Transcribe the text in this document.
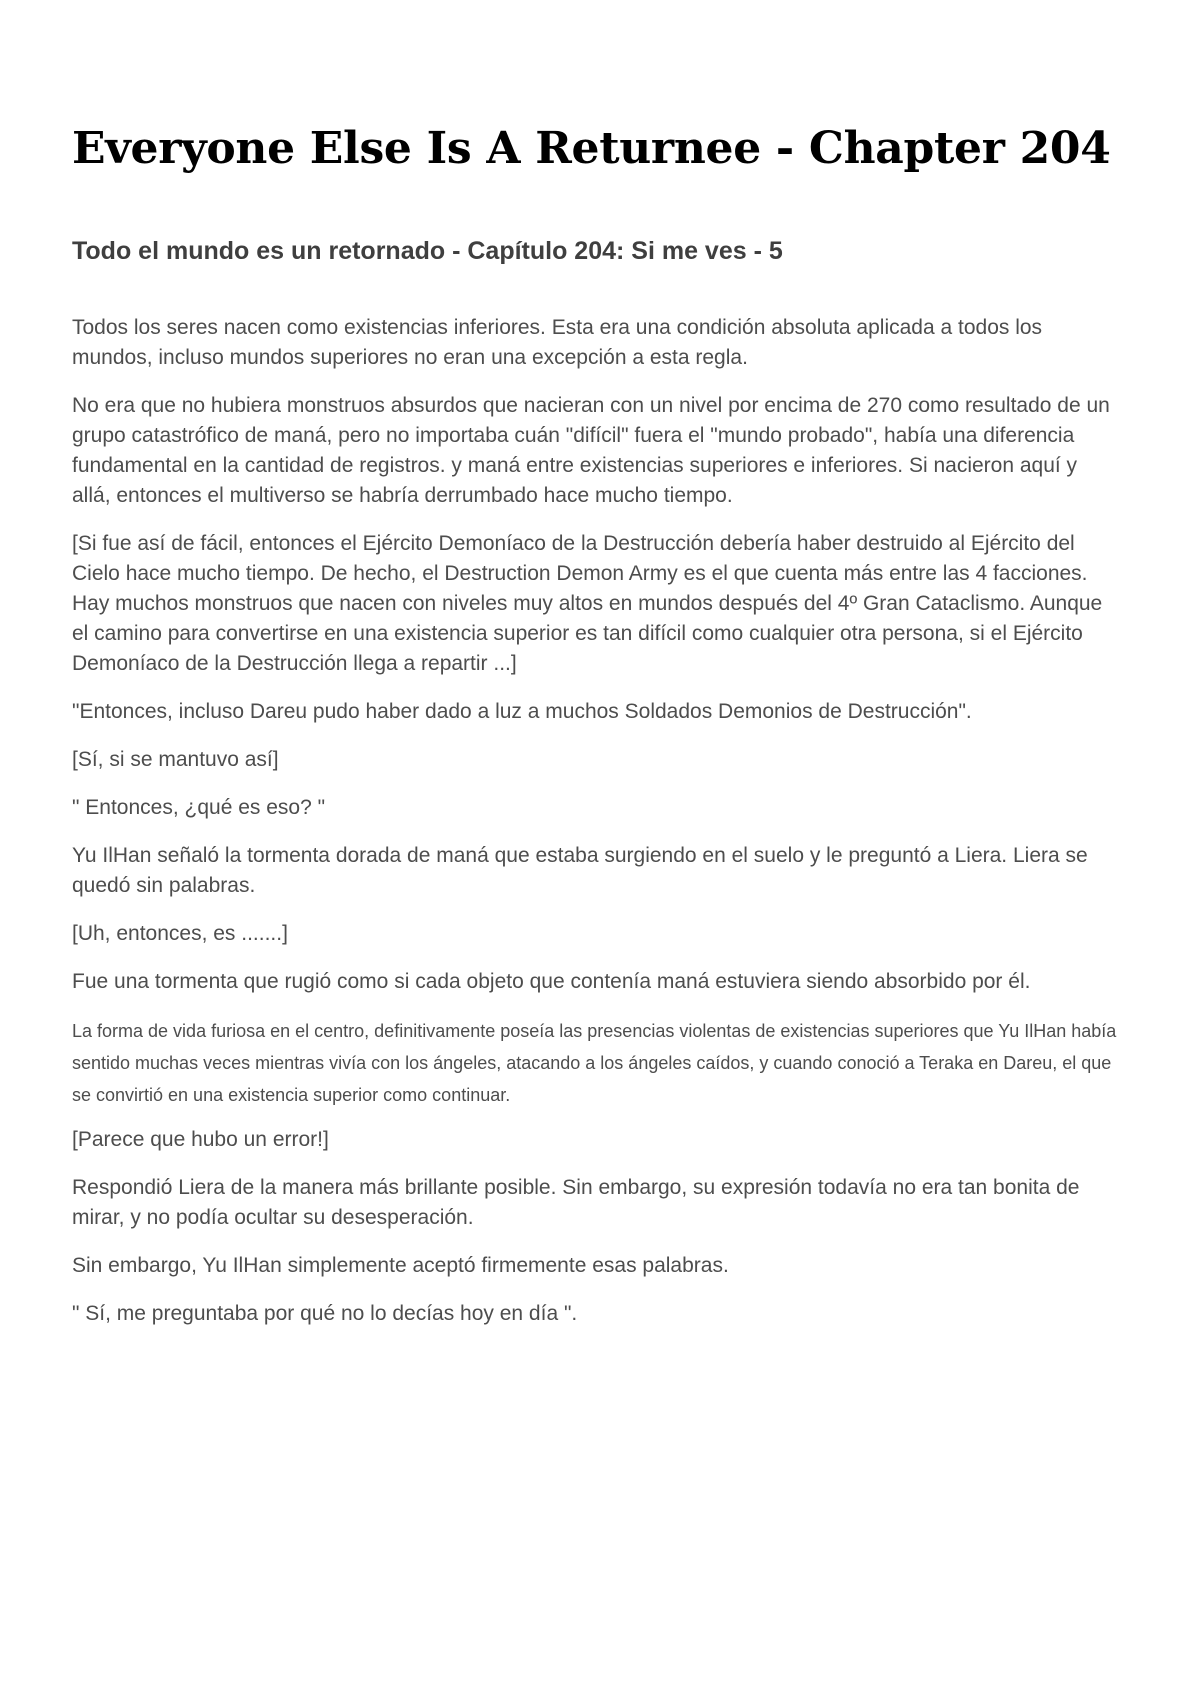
Everyone Else Is A Returnee - Chapter 204
Todo el mundo es un retornado - Capítulo 204: Si me ves - 5

Todos los seres nacen como existencias inferiores. Esta era una condición absoluta aplicada a todos los mundos, incluso mundos superiores no eran una excepción a esta regla.

No era que no hubiera monstruos absurdos que nacieran con un nivel por encima de 270 como resultado de un grupo catastrófico de maná, pero no importaba cuán "difícil" fuera el "mundo probado", había una diferencia fundamental en la cantidad de registros. y maná entre existencias superiores e inferiores. Si nacieron aquí y allá, entonces el multiverso se habría derrumbado hace mucho tiempo.

[Si fue así de fácil, entonces el Ejército Demoníaco de la Destrucción debería haber destruido al Ejército del Cielo hace mucho tiempo. De hecho, el Destruction Demon Army es el que cuenta más entre las 4 facciones. Hay muchos monstruos que nacen con niveles muy altos en mundos después del 4º Gran Cataclismo. Aunque el camino para convertirse en una existencia superior es tan difícil como cualquier otra persona, si el Ejército Demoníaco de la Destrucción llega a repartir ...]

"Entonces, incluso Dareu pudo haber dado a luz a muchos Soldados Demonios de Destrucción".

[Sí, si se mantuvo así]

" Entonces, ¿qué es eso? "

Yu IlHan señaló la tormenta dorada de maná que estaba surgiendo en el suelo y le preguntó a Liera. Liera se quedó sin palabras.

[Uh, entonces, es .......]

Fue una tormenta que rugió como si cada objeto que contenía maná estuviera siendo absorbido por él.

La forma de vida furiosa en el centro, definitivamente poseía las presencias violentas de existencias superiores que Yu IlHan había sentido muchas veces mientras vivía con los ángeles, atacando a los ángeles caídos, y cuando conoció a Teraka en Dareu, el que se convirtió en una existencia superior como continuar.

[Parece que hubo un error!]

Respondió Liera de la manera más brillante posible. Sin embargo, su expresión todavía no era tan bonita de mirar, y no podía ocultar su desesperación.

Sin embargo, Yu IlHan simplemente aceptó firmemente esas palabras.

" Sí, me preguntaba por qué no lo decías hoy en día ".
